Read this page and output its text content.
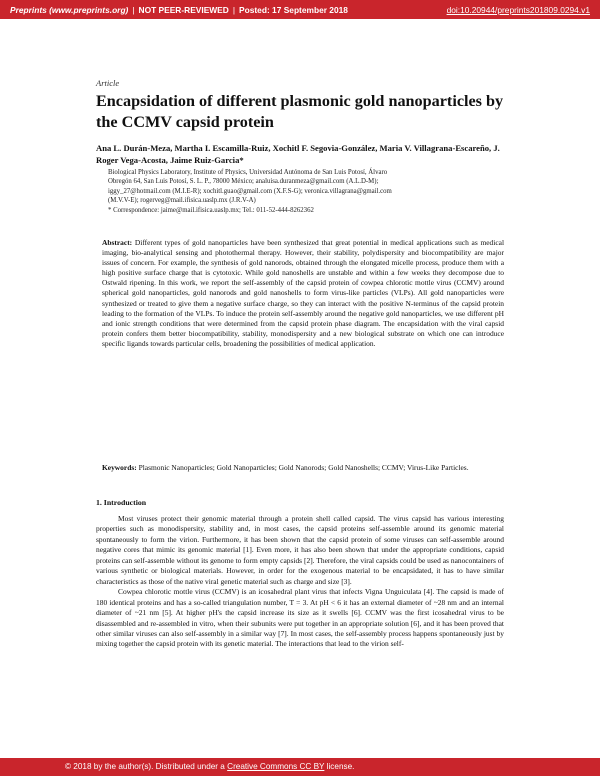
Preprints (www.preprints.org) | NOT PEER-REVIEWED | Posted: 17 September 2018	doi:10.20944/preprints201809.0294.v1
Article
Encapsidation of different plasmonic gold nanoparticles by the CCMV capsid protein
Ana L. Durán-Meza, Martha I. Escamilla-Ruiz, Xochitl F. Segovia-González, Maria V. Villagrana-Escareño, J. Roger Vega-Acosta, Jaime Ruiz-Garcia*
Biological Physics Laboratory, Institute of Physics, Universidad Autónoma de San Luis Potosí, Álvaro
Obregón 64, San Luis Potosí, S. L. P., 78000 México; analuisa.duranmeza@gmail.com (A.L.D-M);
iggy_27@hotmail.com (M.I.E-R); xochitl.guao@gmail.com (X.F.S-G); veronica.villagrana@gmail.com
(M.V.V-E); rogerveg@mail.ifisica.uaslp.mx (J.R.V-A)
* Correspondence: jaime@mail.ifisica.uaslp.mx; Tel.: 011-52-444-8262362
Abstract: Different types of gold nanoparticles have been synthesized that great potential in medical applications such as medical imaging, bio-analytical sensing and photothermal therapy. However, their stability, polydispersity and biocompatibility are major issues of concern. For example, the synthesis of gold nanorods, obtained through the elongated micelle process, produce them with a high positive surface charge that is cytotoxic. While gold nanoshells are unstable and within a few weeks they decompose due to Ostwald ripening. In this work, we report the self-assembly of the capsid protein of cowpea chlorotic mottle virus (CCMV) around spherical gold nanoparticles, gold nanorods and gold nanoshells to form virus-like particles (VLPs). All gold nanoparticles were synthesized or treated to give them a negative surface charge, so they can interact with the positive N-terminus of the capsid protein leading to the formation of the VLPs. To induce the protein self-assembly around the negative gold nanoparticles, we use different pH and ionic strength conditions that were determined from the capsid protein phase diagram. The encapsidation with the viral capsid protein confers them better biocompatibility, stability, monodispersity and a new biological substrate on which one can introduce specific ligands towards particular cells, broadening the possibilities of medical application.
Keywords: Plasmonic Nanoparticles; Gold Nanoparticles; Gold Nanorods; Gold Nanoshells; CCMV; Virus-Like Particles.
1. Introduction

Most viruses protect their genomic material through a protein shell called capsid. The virus capsid has various interesting properties such as monodispersity, stability and, in most cases, the capsid proteins self-assemble around its genomic material spontaneously to form the virion. Furthermore, it has been shown that the capsid protein of some viruses can self-assemble around negative cores that mimic its genomic material [1]. Even more, it has also been shown that under the appropriate conditions, capsid proteins can self-assemble without its genome to form empty capsids [2]. Therefore, the viral capsids could be used as nanocontainers of various synthetic or biological materials. However, in order for the exogenous material to be encapsidated, it has to have similar characteristics as those of the native viral genetic material such as charge and size [3].

Cowpea chlorotic mottle virus (CCMV) is an icosahedral plant virus that infects Vigna Unguiculata [4]. The capsid is made of 180 identical proteins and has a so-called triangulation number, T = 3. At pH < 6 it has an external diameter of ~28 nm and an internal diameter of ~21 nm [5]. At higher pH's the capsid increase its size as it swells [6]. CCMV was the first icosahedral virus to be disassembled and re-assembled in vitro, when their subunits were put together in an appropriate solution [6], and it has been proved that other similar viruses can also self-assembly in a similar way [7]. In most cases, the self-assembly process happens spontaneously just by mixing together the capsid protein with its genetic material. The interactions that lead to the virion self-

© 2018 by the author(s). Distributed under a Creative Commons CC BY license.
